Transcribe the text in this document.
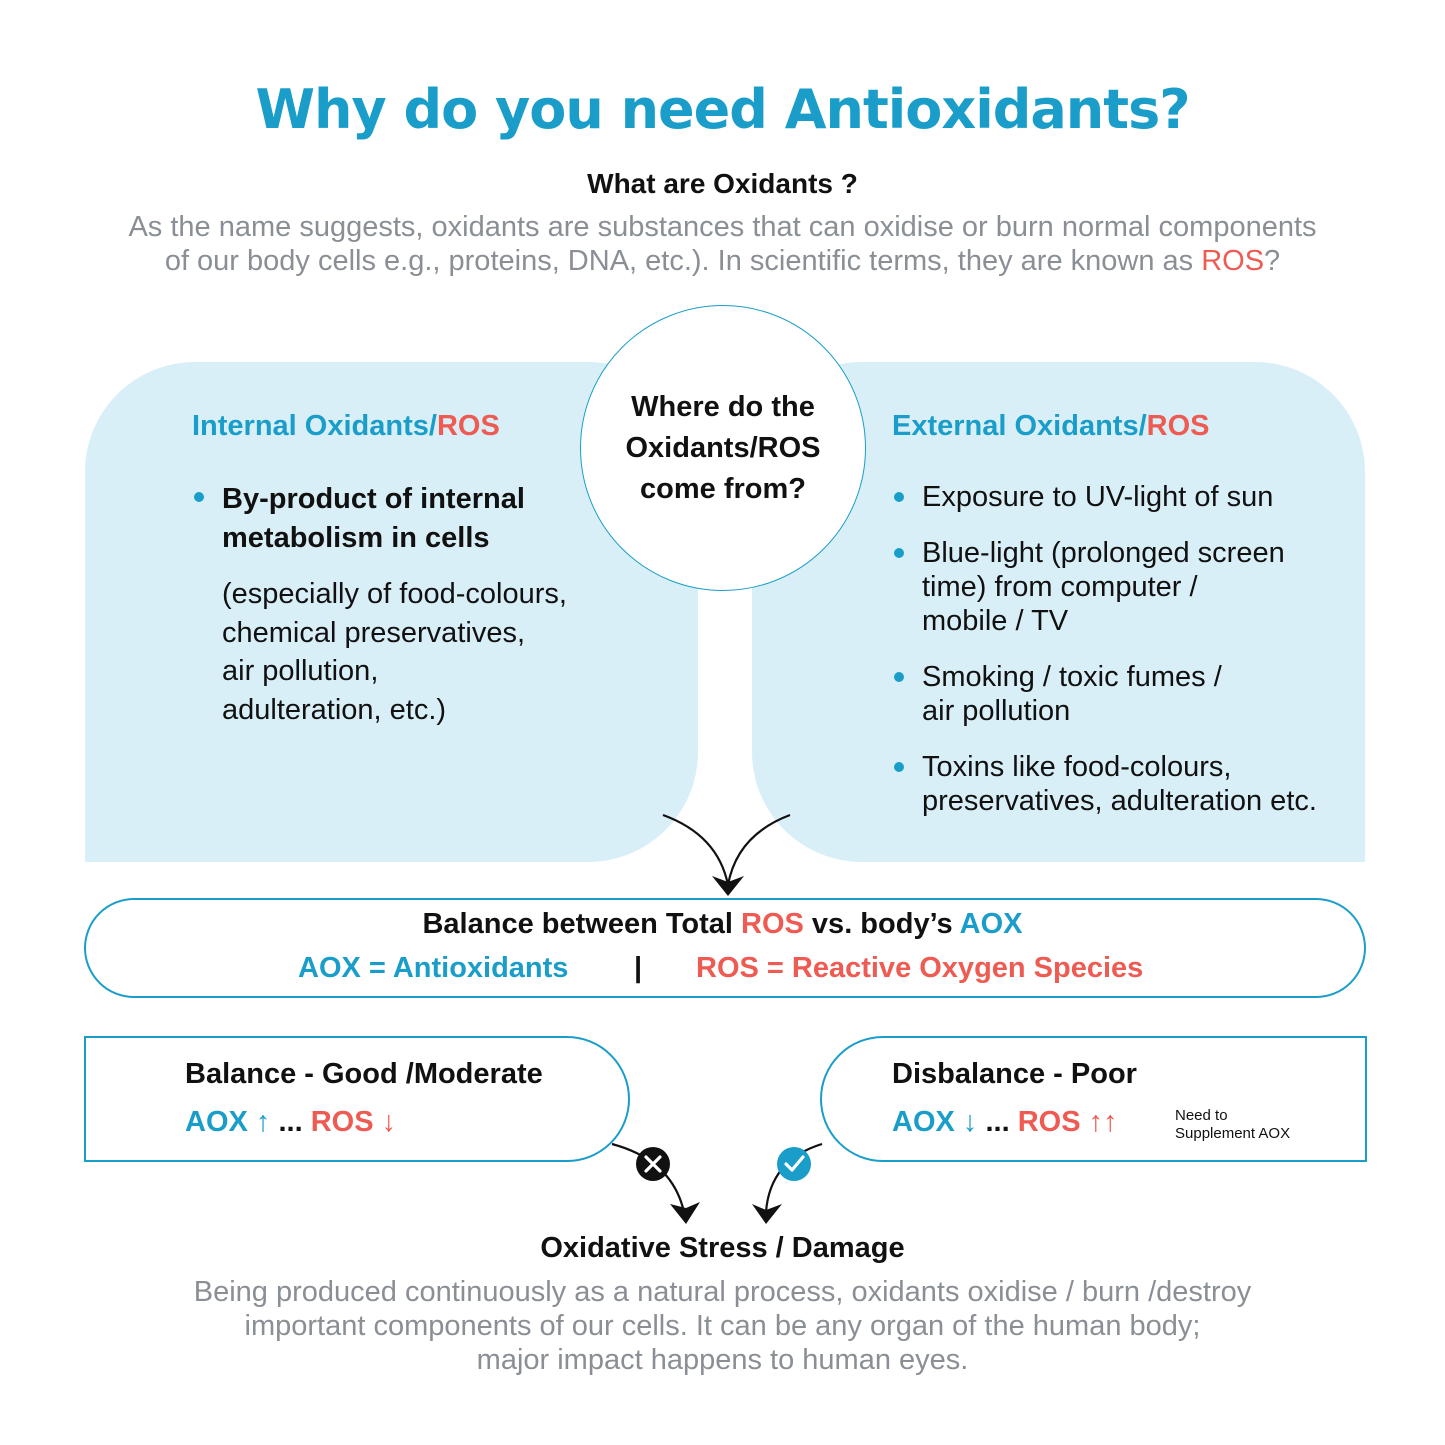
Why do you need Antioxidants?
What are Oxidants ?
As the name suggests, oxidants are substances that can oxidise or burn normal components
of our body cells e.g., proteins, DNA, etc.). In scientific terms, they are known as ROS?
Internal Oxidants/ROS
By-product of internal
metabolism in cells
(especially of food-colours,
chemical preservatives,
air pollution,
adulteration, etc.)
External Oxidants/ROS
Exposure to UV-light of sun
Blue-light (prolonged screen
time) from computer /
mobile / TV
Smoking / toxic fumes /
air pollution
Toxins like food-colours,
preservatives, adulteration etc.
Where do the
Oxidants/ROS
come from?
Balance between Total ROS vs. body’s AOX
AOX = Antioxidants | ROS = Reactive Oxygen Species
Balance - Good /Moderate
AOX ↑ ... ROS ↓
Disbalance - Poor
AOX ↓ ... ROS ↑↑	Need to
Supplement AOX
Oxidative Stress / Damage
Being produced continuously as a natural process, oxidants oxidise / burn /destroy
important components of our cells. It can be any organ of the human body;
major impact happens to human eyes.
